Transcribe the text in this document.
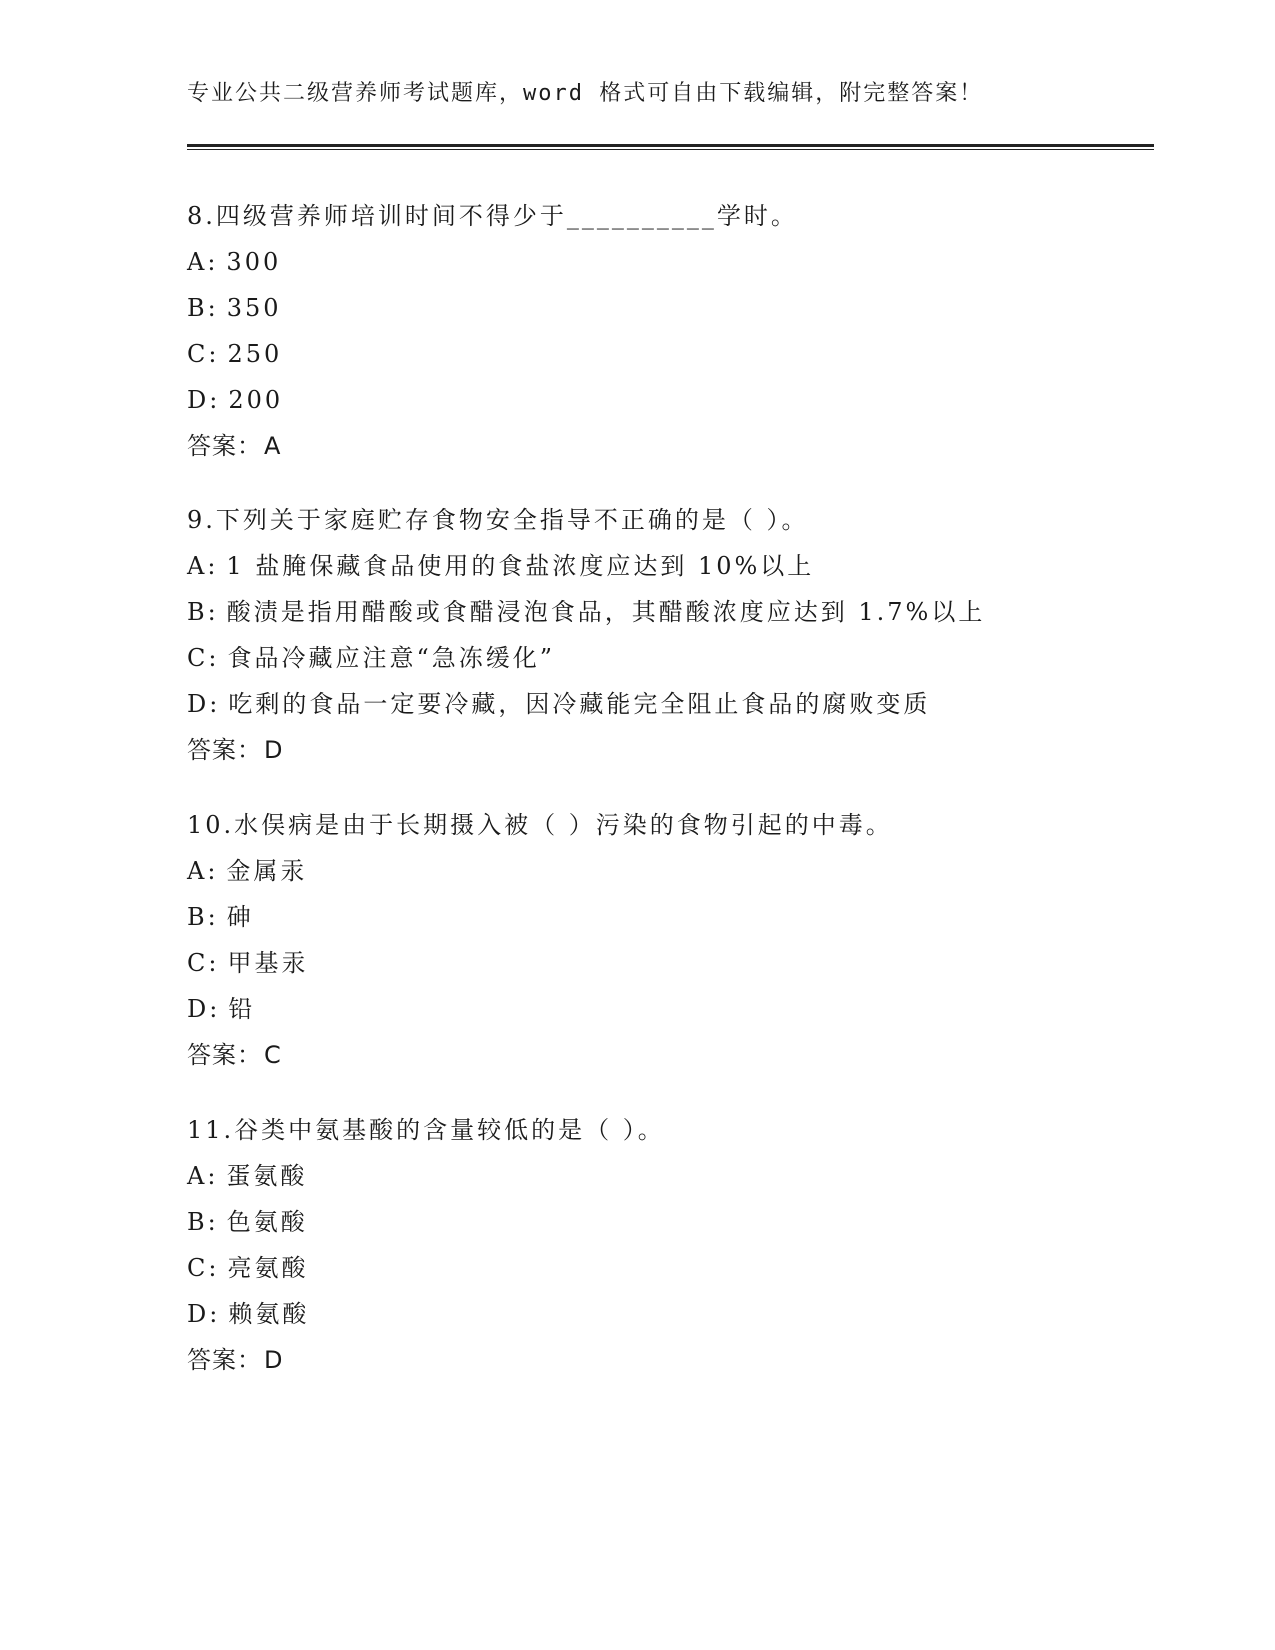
专业公共二级营养师考试题库，word 格式可自由下载编辑，附完整答案！
8.四级营养师培训时间不得少于__________学时。
A: 300
B: 350
C: 250
D: 200
答案：A
9.下列关于家庭贮存食物安全指导不正确的是（ ）。
A: 1 盐腌保藏食品使用的食盐浓度应达到 10%以上
B: 酸渍是指用醋酸或食醋浸泡食品，其醋酸浓度应达到 1.7%以上
C: 食品冷藏应注意“急冻缓化”
D: 吃剩的食品一定要冷藏，因冷藏能完全阻止食品的腐败变质
答案：D
10.水俣病是由于长期摄入被（ ）污染的食物引起的中毒。
A: 金属汞
B: 砷
C: 甲基汞
D: 铅
答案：C
11.谷类中氨基酸的含量较低的是（ ）。
A: 蛋氨酸
B: 色氨酸
C: 亮氨酸
D: 赖氨酸
答案：D
